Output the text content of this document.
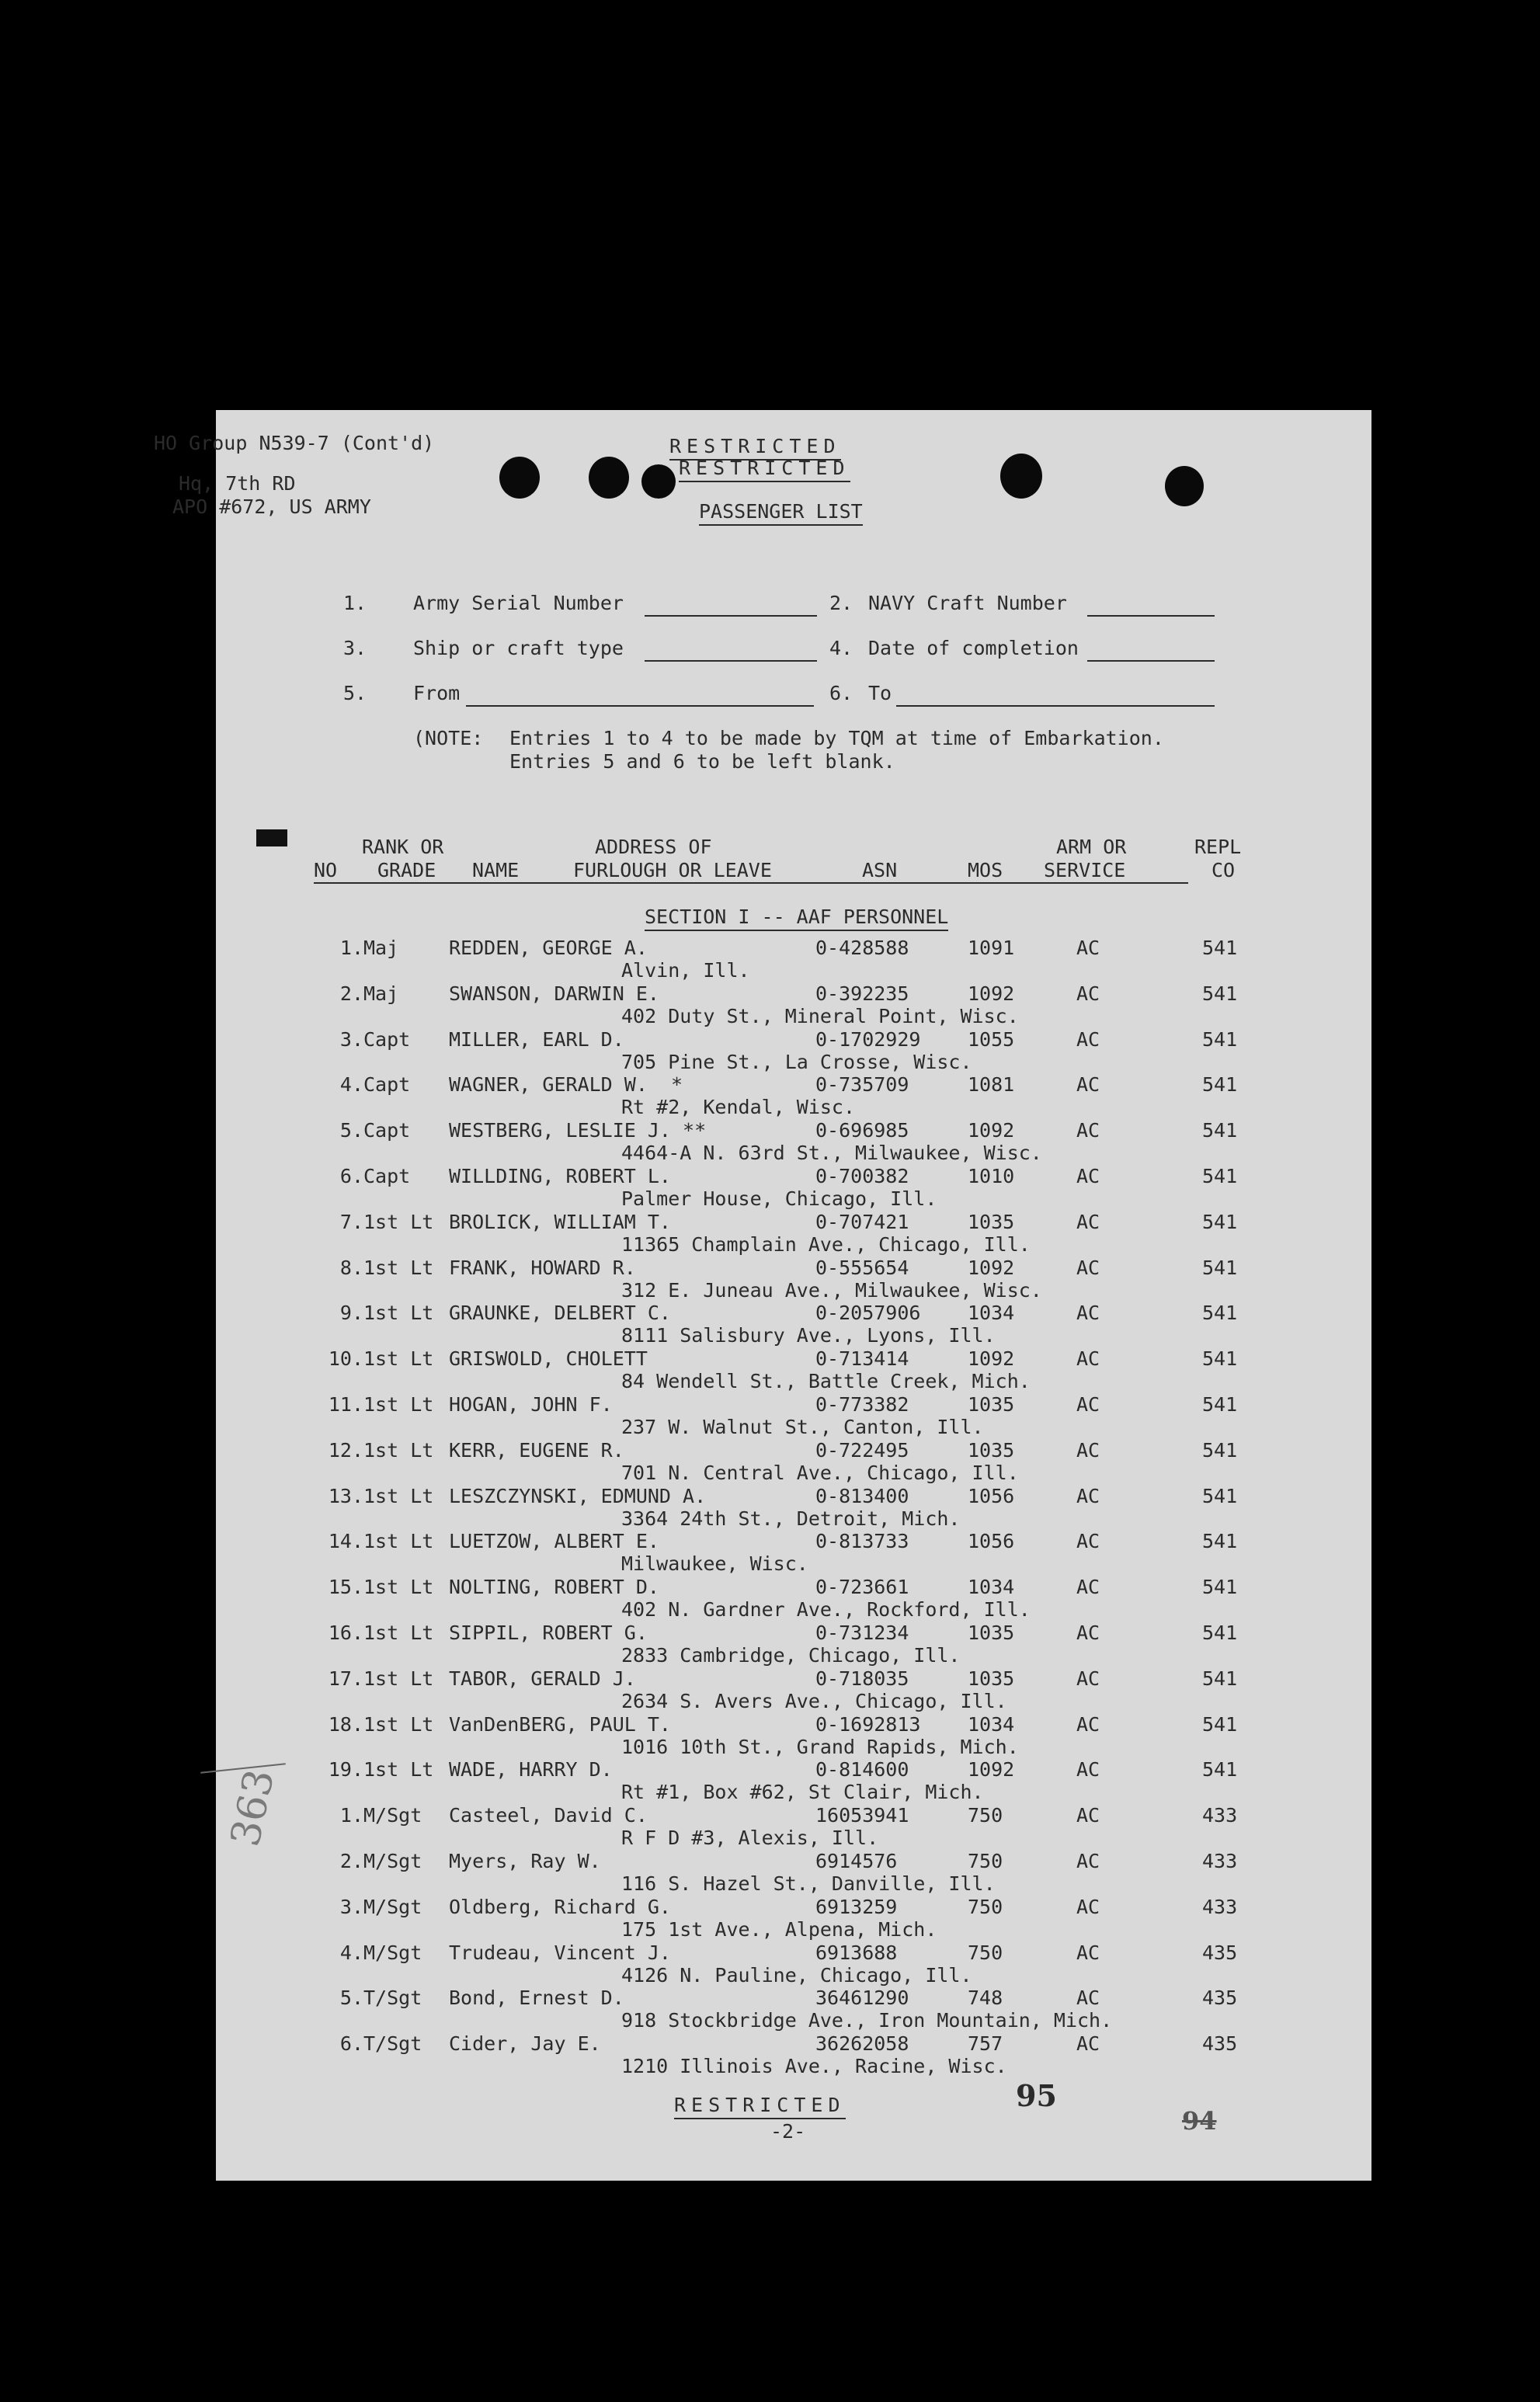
HO Group N539-7 (Cont'd)
Hq, 7th RD
APO #672, US ARMY
RESTRICTED
RESTRICTED
PASSENGER LIST
1. Army Serial Number	2. NAVY Craft Number
3. Ship or craft type	4. Date of completion
5. From	6. To
(NOTE: Entries 1 to 4 to be made by TQM at time of Embarkation.
Entries 5 and 6 to be left blank.
RANK OR	ADDRESS OF	ARM OR	REPL
NO GRADE NAME	FURLOUGH OR LEAVE	ASN	MOS SERVICE	CO
SECTION I -- AAF PERSONNEL
1. Maj	REDDEN, GEORGE A.	0-428588	1091	AC	541
Alvin, Ill.
2. Maj	SWANSON, DARWIN E.	0-392235	1092	AC	541
402 Duty St., Mineral Point, Wisc.
3. Capt MILLER, EARL D.	0-1702929 1055	AC	541
705 Pine St., La Crosse, Wisc.
4. Capt WAGNER, GERALD W.  *	0-735709	1081	AC	541
Rt #2, Kendal, Wisc.
5. Capt WESTBERG, LESLIE J. **	0-696985	1092	AC	541
4464-A N. 63rd St., Milwaukee, Wisc.
6. Capt WILLDING, ROBERT L.	0-700382	1010	AC	541
Palmer House, Chicago, Ill.
7. 1st Lt BROLICK, WILLIAM T.	0-707421	1035	AC	541
11365 Champlain Ave., Chicago, Ill.
8. 1st Lt FRANK, HOWARD R.	0-555654	1092	AC	541
312 E. Juneau Ave., Milwaukee, Wisc.
9. 1st Lt GRAUNKE, DELBERT C.	0-2057906 1034	AC	541
8111 Salisbury Ave., Lyons, Ill.
10. 1st Lt GRISWOLD, CHOLETT	0-713414	1092	AC	541
84 Wendell St., Battle Creek, Mich.
11. 1st Lt HOGAN, JOHN F.	0-773382	1035	AC	541
237 W. Walnut St., Canton, Ill.
12. 1st Lt KERR, EUGENE R.	0-722495	1035	AC	541
701 N. Central Ave., Chicago, Ill.
13. 1st Lt LESZCZYNSKI, EDMUND A.	0-813400	1056	AC	541
3364 24th St., Detroit, Mich.
14. 1st Lt LUETZOW, ALBERT E.	0-813733	1056	AC	541
Milwaukee, Wisc.
15. 1st Lt NOLTING, ROBERT D.	0-723661	1034	AC	541
402 N. Gardner Ave., Rockford, Ill.
16. 1st Lt SIPPIL, ROBERT G.	0-731234	1035	AC	541
2833 Cambridge, Chicago, Ill.
17. 1st Lt TABOR, GERALD J.	0-718035	1035	AC	541
2634 S. Avers Ave., Chicago, Ill.
18. 1st Lt VanDenBERG, PAUL T.	0-1692813 1034	AC	541
1016 10th St., Grand Rapids, Mich.
19. 1st Lt WADE, HARRY D.	0-814600	1092	AC	541
Rt #1, Box #62, St Clair, Mich.
1. M/Sgt Casteel, David C.	16053941	750	AC	433
R F D #3, Alexis, Ill.
2. M/Sgt Myers, Ray W.	6914576	750	AC	433
116 S. Hazel St., Danville, Ill.
3. M/Sgt Oldberg, Richard G.	6913259	750	AC	433
175 1st Ave., Alpena, Mich.
4. M/Sgt Trudeau, Vincent J.	6913688	750	AC	435
4126 N. Pauline, Chicago, Ill.
5. T/Sgt Bond, Ernest D.	36461290	748	AC	435
918 Stockbridge Ave., Iron Mountain, Mich.
6. T/Sgt Cider, Jay E.	36262058	757	AC	435
1210 Illinois Ave., Racine, Wisc.
363
RESTRICTED
-2-
95
94
